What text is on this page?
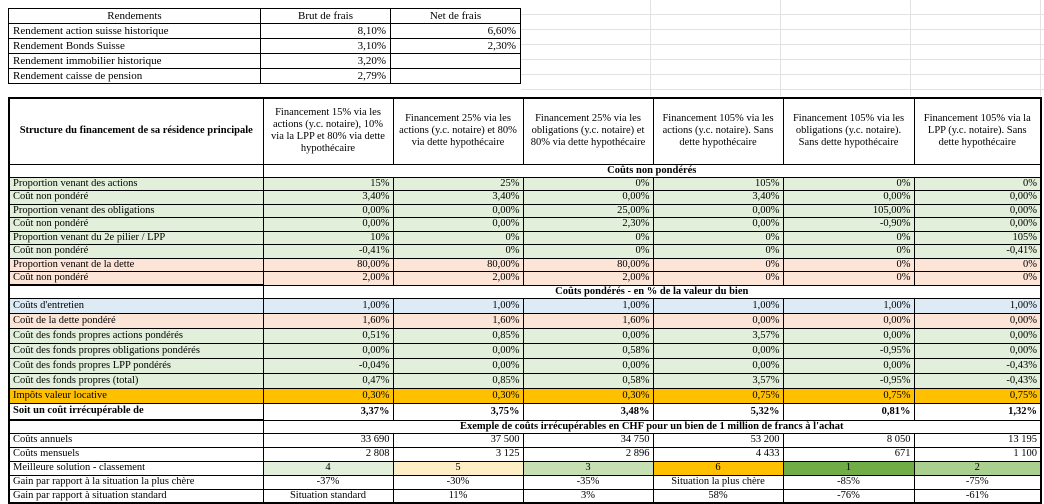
Rendements	Brut de frais	Net de frais
Rendement action suisse historique	8,10%	6,60%
Rendement Bonds Suisse	3,10%	2,30%
Rendement immobilier historique	3,20%	
Rendement caisse de pension	2,79%	
Structure du financement de sa résidence principale	Financement 15% via les actions (y.c. notaire), 10% via la LPP et 80% via dette hypothécaire	Financement 25% via les actions (y.c. notaire) et 80% via dette hypothécaire	Financement 25% via les obligations (y.c. notaire) et 80% via dette hypothécaire	Financement 105% via les actions (y.c. notaire). Sans dette hypothécaire	Financement 105% via les obligations (y.c. notaire). Sans dette hypothécaire	Financement 105% via la LPP (y.c. notaire). Sans dette hypothécaire
	Coûts non pondérés					
Proportion venant des actions	15%	25%	0%	105%	0%	0%
Coût non pondéré	3,40%	3,40%	0,00%	3,40%	0,00%	0,00%
Proportion venant des obligations	0,00%	0,00%	25,00%	0,00%	105,00%	0,00%
Coût non pondéré	0,00%	0,00%	2,30%	0,00%	-0,90%	0,00%
Proportion venant du 2e pilier / LPP	10%	0%	0%	0%	0%	105%
Coût non pondéré	-0,41%	0%	0%	0%	0%	-0,41%
Proportion venant de la dette	80,00%	80,00%	80,00%	0%	0%	0%
Coût non pondéré	2,00%	2,00%	2,00%	0%	0%	0%
	Coûts pondérés - en % de la valeur du bien					
Coûts d'entretien	1,00%	1,00%	1,00%	1,00%	1,00%	1,00%
Coût de la dette pondéré	1,60%	1,60%	1,60%	0,00%	0,00%	0,00%
Coût des fonds propres actions pondérés	0,51%	0,85%	0,00%	3,57%	0,00%	0,00%
Coût des fonds propres obligations pondérés	0,00%	0,00%	0,58%	0,00%	-0,95%	0,00%
Coût des fonds propres LPP pondérés	-0,04%	0,00%	0,00%	0,00%	0,00%	-0,43%
Coût des fonds propres (total)	0,47%	0,85%	0,58%	3,57%	-0,95%	-0,43%
Impôts valeur locative	0,30%	0,30%	0,30%	0,75%	0,75%	0,75%
Soit un coût irrécupérable de	3,37%	3,75%	3,48%	5,32%	0,81%	1,32%
	Exemple de coûts irrécupérables en CHF pour un bien de 1 million de francs à l'achat					
Coûts annuels	33 690	37 500	34 750	53 200	8 050	13 195
Coûts mensuels	2 808	3 125	2 896	4 433	671	1 100
Meilleure solution - classement	4	5	3	6	1	2
Gain par rapport à la situation la plus chère	-37%	-30%	-35%	Situation la plus chère	-85%	-75%
Gain par rapport à situation standard	Situation standard	11%	3%	58%	-76%	-61%
